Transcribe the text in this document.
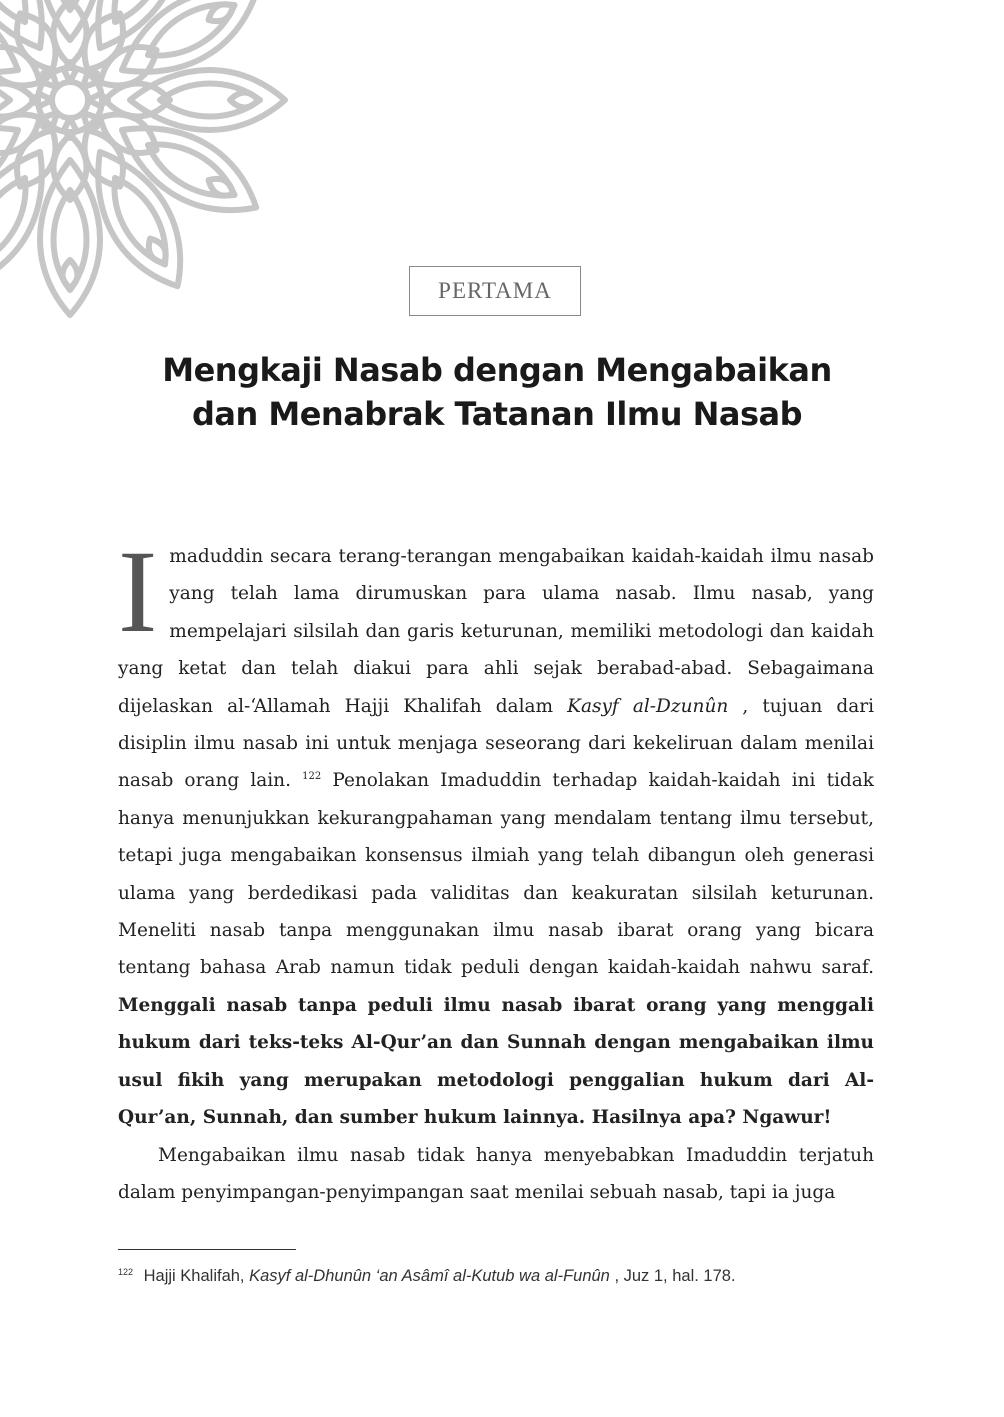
PERTAMA
Mengkaji Nasab dengan Mengabaikan
dan Menabrak Tatanan Ilmu Nasab

I maduddin secara terang-terangan mengabaikan kaidah-kaidah ilmu nasab yang telah lama dirumuskan para ulama nasab. Ilmu nasab, yang mempelajari silsilah dan garis keturunan, memiliki metodologi dan kaidah yang ketat dan telah diakui para ahli sejak berabad-abad. Sebagaimana dijelaskan al-‘Allamah Hajji Khalifah dalam Kasyf al-Dzunûn , tujuan dari disiplin ilmu nasab ini untuk menjaga seseorang dari kekeliruan dalam menilai nasab orang lain. $^{122}$ Penolakan Imaduddin terhadap kaidah-kaidah ini tidak hanya menunjukkan kekurangpahaman yang mendalam tentang ilmu tersebut, tetapi juga mengabaikan konsensus ilmiah yang telah dibangun oleh generasi ulama yang berdedikasi pada validitas dan keakuratan silsilah keturunan. Meneliti nasab tanpa menggunakan ilmu nasab ibarat orang yang bicara tentang bahasa Arab namun tidak peduli dengan kaidah-kaidah nahwu saraf. Menggali nasab tanpa peduli ilmu nasab ibarat orang yang menggali hukum dari teks-teks Al-Qur’an dan Sunnah dengan mengabaikan ilmu usul fikih yang merupakan metodologi penggalian hukum dari Al-Qur’an, Sunnah, dan sumber hukum lainnya. Hasilnya apa? Ngawur!

Mengabaikan ilmu nasab tidak hanya menyebabkan Imaduddin terjatuh dalam penyimpangan-penyimpangan saat menilai sebuah nasab, tapi ia juga

$^{122}$ Hajji Khalifah, Kasyf al-Dhunûn ‘an Asâmî al-Kutub wa al-Funûn , Juz 1, hal. 178.
